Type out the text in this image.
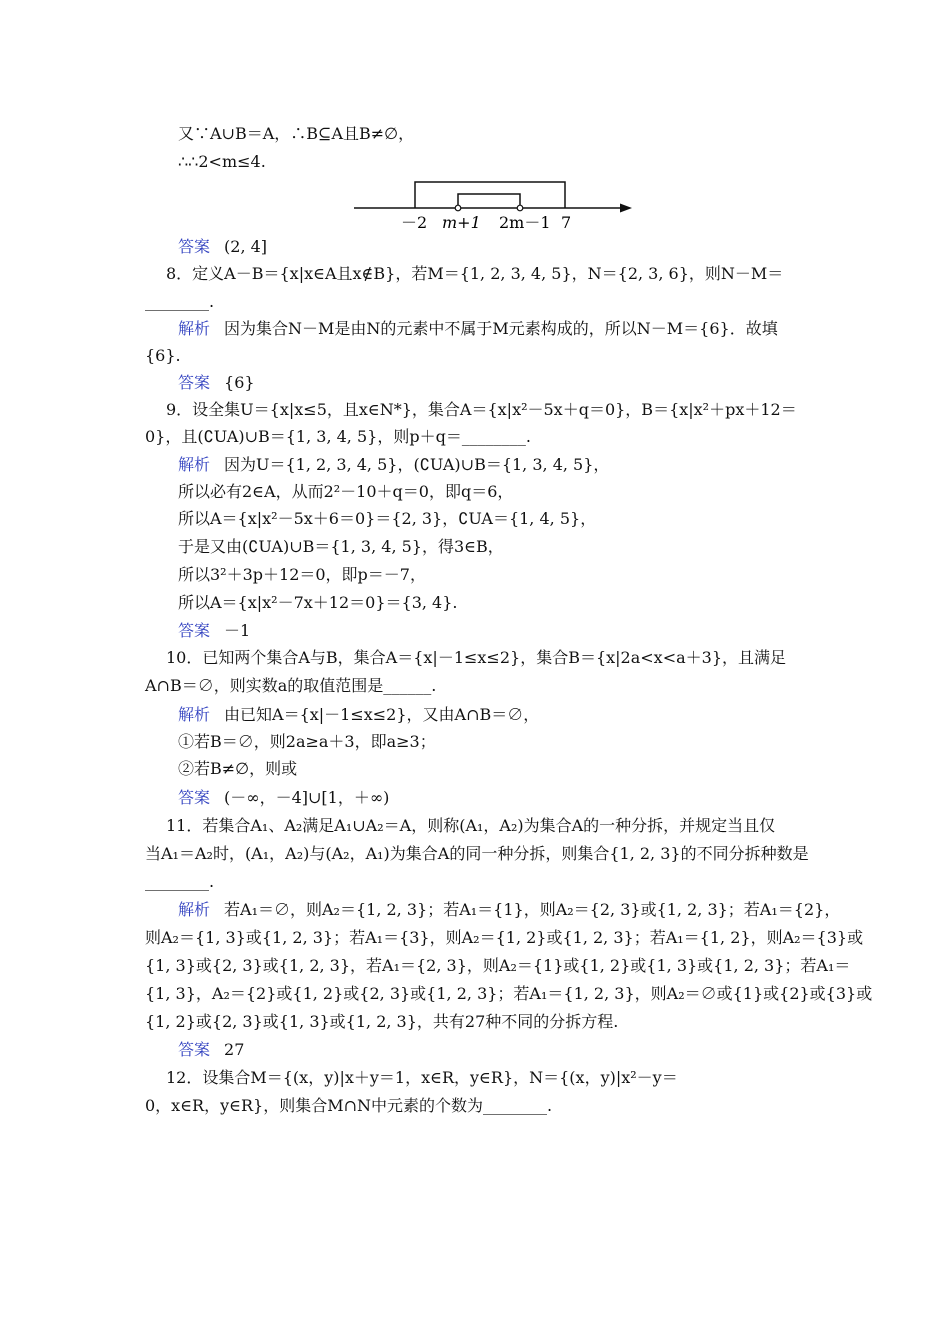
又∵A∪B＝A，∴B⊆A且B≠∅，
∴∴2<m≤4.
－2 m+1 2m－1 7
答案 (2, 4]
8．定义A－B＝{x|x∈A且x∉B}，若M＝{1, 2, 3, 4, 5}，N＝{2, 3, 6}，则N－M＝
________.
解析 因为集合N－M是由N的元素中不属于M元素构成的，所以N－M＝{6}．故填
{6}.
答案 {6}
9．设全集U＝{x|x≤5，且x∈N*}，集合A＝{x|x²－5x＋q＝0}，B＝{x|x²＋px＋12＝
0}，且(∁UA)∪B＝{1, 3, 4, 5}，则p＋q＝________.
解析 因为U＝{1, 2, 3, 4, 5}，(∁UA)∪B＝{1, 3, 4, 5}，
所以必有2∈A，从而2²－10＋q＝0，即q＝6，
所以A＝{x|x²－5x＋6＝0}＝{2, 3}，∁UA＝{1, 4, 5}，
于是又由(∁UA)∪B＝{1, 3, 4, 5}，得3∈B，
所以3²＋3p＋12＝0，即p＝－7，
所以A＝{x|x²－7x＋12＝0}＝{3, 4}.
答案 －1
10．已知两个集合A与B，集合A＝{x|－1≤x≤2}，集合B＝{x|2a<x<a＋3}，且满足
A∩B＝∅，则实数a的取值范围是______.
解析 由已知A＝{x|－1≤x≤2}，又由A∩B＝∅，
①若B＝∅，则2a≥a＋3，即a≥3；
②若B≠∅，则或
答案 (－∞，－4]∪[1，＋∞)
11．若集合A₁、A₂满足A₁∪A₂＝A，则称(A₁，A₂)为集合A的一种分拆，并规定当且仅
当A₁＝A₂时，(A₁，A₂)与(A₂，A₁)为集合A的同一种分拆，则集合{1, 2, 3}的不同分拆种数是
________.
解析 若A₁＝∅，则A₂＝{1, 2, 3}；若A₁＝{1}，则A₂＝{2, 3}或{1, 2, 3}；若A₁＝{2}，
则A₂＝{1, 3}或{1, 2, 3}；若A₁＝{3}，则A₂＝{1, 2}或{1, 2, 3}；若A₁＝{1, 2}，则A₂＝{3}或
{1, 3}或{2, 3}或{1, 2, 3}，若A₁＝{2, 3}，则A₂＝{1}或{1, 2}或{1, 3}或{1, 2, 3}；若A₁＝
{1, 3}，A₂＝{2}或{1, 2}或{2, 3}或{1, 2, 3}；若A₁＝{1, 2, 3}，则A₂＝∅或{1}或{2}或{3}或
{1, 2}或{2, 3}或{1, 3}或{1, 2, 3}，共有27种不同的分拆方程.
答案 27
12．设集合M＝{(x，y)|x＋y＝1，x∈R，y∈R}，N＝{(x，y)|x²－y＝
0，x∈R，y∈R}，则集合M∩N中元素的个数为________.
